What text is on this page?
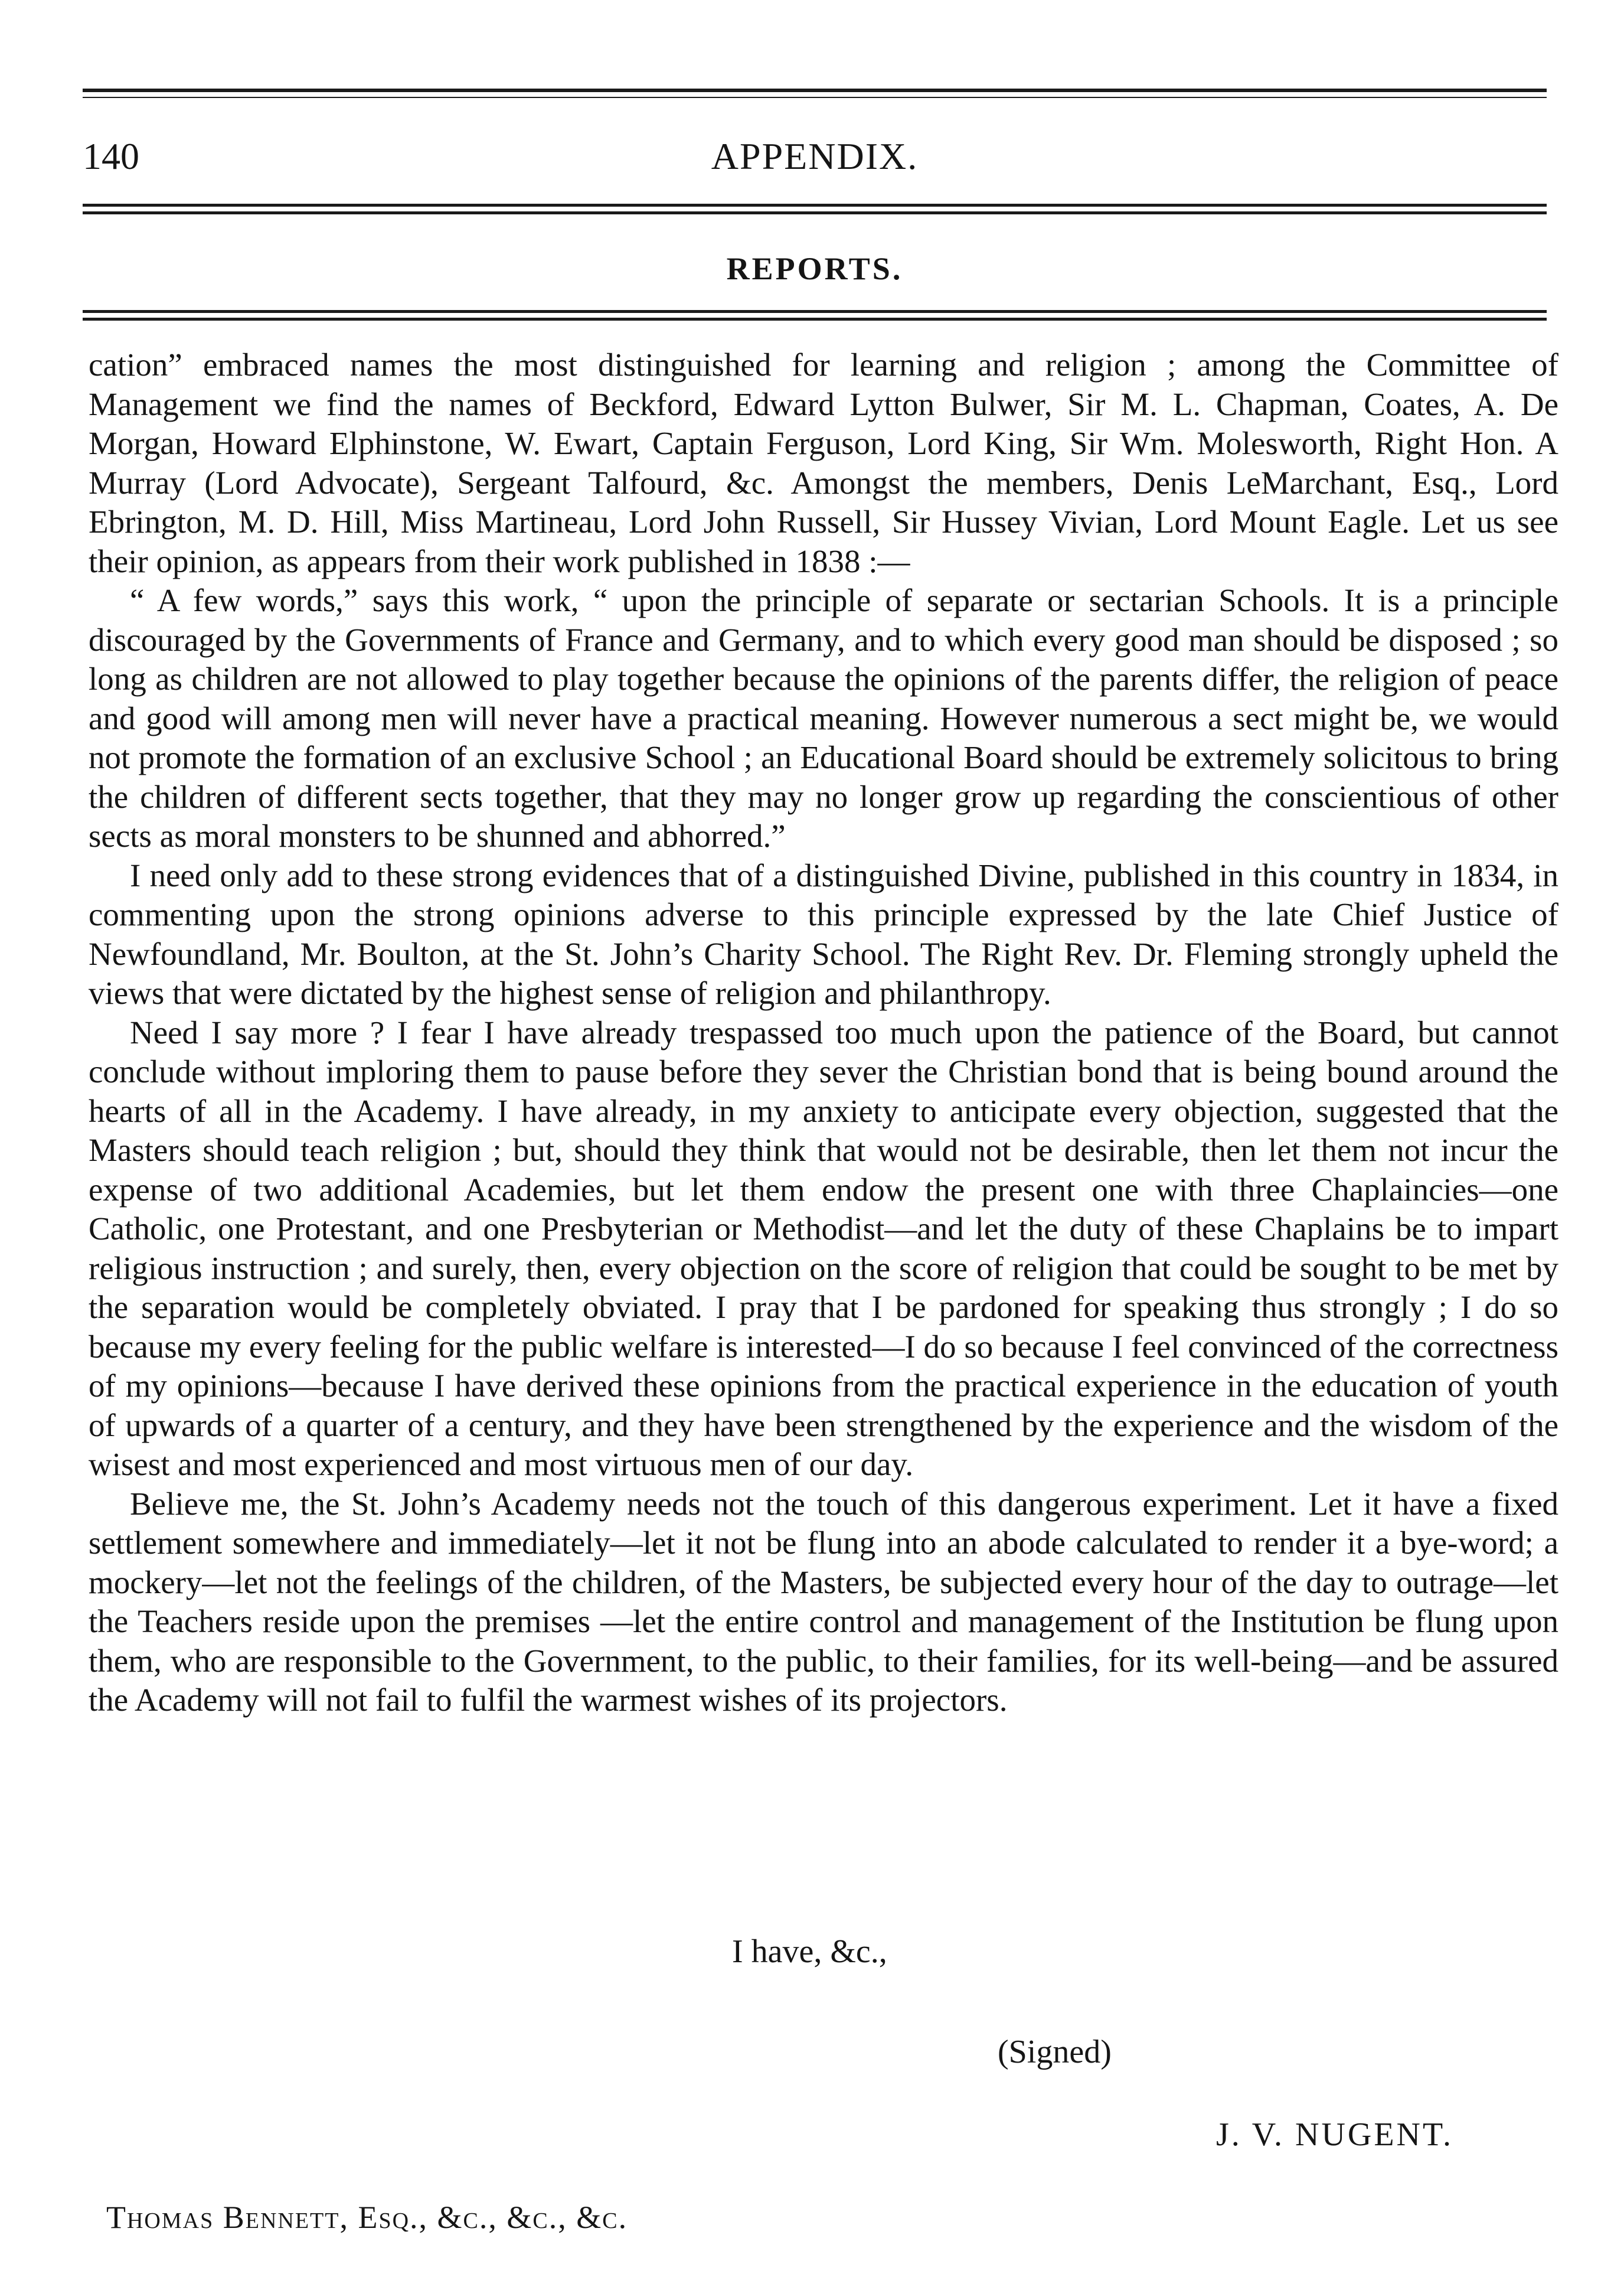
140	APPENDIX.
REPORTS.

cation” embraced names the most distinguished for learning and religion ; among the Committee of Management we find the names of Beckford, Edward Lytton Bulwer, Sir M. L. Chapman, Coates, A. De Morgan, Howard Elphinstone, W. Ewart, Captain Ferguson, Lord King, Sir Wm. Molesworth, Right Hon. A Murray (Lord Advocate), Sergeant Talfourd, &c. Amongst the members, Denis LeMarchant, Esq., Lord Ebrington, M. D. Hill, Miss Martineau, Lord John Russell, Sir Hussey Vivian, Lord Mount Eagle. Let us see their opinion, as appears from their work published in 1838 :—

“ A few words,” says this work, “ upon the principle of separate or sectarian Schools. It is a principle discouraged by the Governments of France and Germany, and to which every good man should be disposed ; so long as children are not allowed to play together because the opinions of the parents differ, the religion of peace and good will among men will never have a practical meaning. However numerous a sect might be, we would not promote the formation of an exclusive School ; an Educational Board should be extremely solicitous to bring the children of different sects together, that they may no longer grow up regarding the conscientious of other sects as moral monsters to be shunned and abhorred.”

I need only add to these strong evidences that of a distinguished Divine, published in this country in 1834, in commenting upon the strong opinions adverse to this principle expressed by the late Chief Justice of Newfoundland, Mr. Boulton, at the St. John’s Charity School. The Right Rev. Dr. Fleming strongly upheld the views that were dictated by the highest sense of religion and philanthropy.

Need I say more ? I fear I have already trespassed too much upon the patience of the Board, but cannot conclude without imploring them to pause before they sever the Christian bond that is being bound around the hearts of all in the Academy. I have already, in my anxiety to anticipate every objection, suggested that the Masters should teach religion ; but, should they think that would not be desirable, then let them not incur the expense of two additional Academies, but let them endow the present one with three Chaplaincies—one Catholic, one Protestant, and one Presbyterian or Methodist—and let the duty of these Chaplains be to impart religious instruction ; and surely, then, every objection on the score of religion that could be sought to be met by the separation would be completely obviated. I pray that I be pardoned for speaking thus strongly ; I do so because my every feeling for the public welfare is interested—I do so because I feel convinced of the correctness of my opinions—because I have derived these opinions from the practical experience in the education of youth of upwards of a quarter of a century, and they have been strengthened by the experience and the wisdom of the wisest and most experienced and most virtuous men of our day.

Believe me, the St. John’s Academy needs not the touch of this dangerous experiment. Let it have a fixed settlement somewhere and immediately—let it not be flung into an abode calculated to render it a bye-word; a mockery—let not the feelings of the children, of the Masters, be subjected every hour of the day to outrage—let the Teachers reside upon the premises —let the entire control and management of the Institution be flung upon them, who are responsible to the Government, to the public, to their families, for its well-being—and be assured the Academy will not fail to fulfil the warmest wishes of its projectors.

I have, &c.,
(Signed)
J. V. NUGENT.
Thomas Bennett, Esq., &c., &c., &c.
